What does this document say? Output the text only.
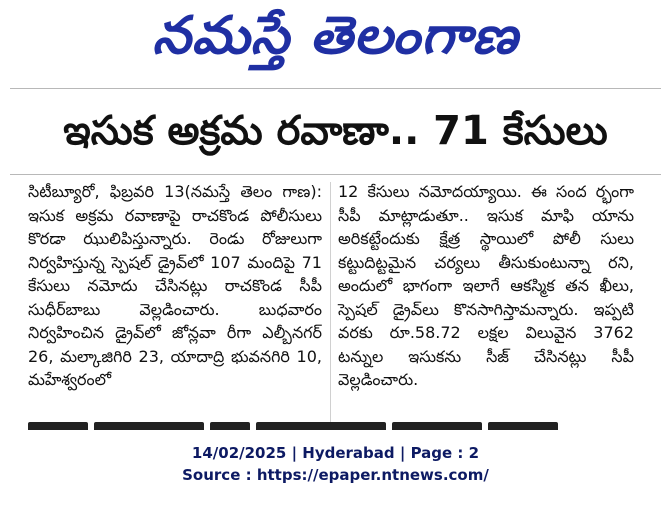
నమస్తే తెలంగాణ
ఇసుక అక్రమ రవాణా.. 71 కేసులు
సిటీబ్యూరో, ఫిబ్రవరి 13(నమస్తే తెలం గాణ): ఇసుక అక్రమ రవాణాపై రాచకొండ పోలీసులు కొరడా ఝులిపిస్తున్నారు. రెండు రోజులుగా నిర్వహిస్తున్న స్పెషల్ డ్రైవ్‌లో 107 మందిపై 71 కేసులు నమోదు చేసినట్లు రాచకొండ సీపీ సుధీర్‌బాబు వెల్లడించారు. బుధవారం నిర్వహించిన డ్రైవ్‌లో జోన్లవా రీగా ఎల్బీనగర్ 26, మల్కాజిగిరి 23, యాదాద్రి భువనగిరి 10, మహేశ్వరంలో
12 కేసులు నమోదయ్యాయి. ఈ సంద ర్భంగా సీపీ మాట్లాడుతూ.. ఇసుక మాఫి యాను అరికట్టేందుకు క్షేత్ర స్థాయిలో పోలీ సులు కట్టుదిట్టమైన చర్యలు తీసుకుంటున్నా రని, అందులో భాగంగా ఇలాగే ఆకస్మిక తన ఖీలు, స్పెషల్ డ్రైవ్‌లు కొనసాగిస్తామన్నారు. ఇప్పటి వరకు రూ.58.72 లక్షల విలువైన 3762 టన్నుల ఇసుకను సీజ్ చేసినట్లు సీపీ వెల్లడించారు.
14/02/2025 | Hyderabad | Page : 2
Source : https://epaper.ntnews.com/
